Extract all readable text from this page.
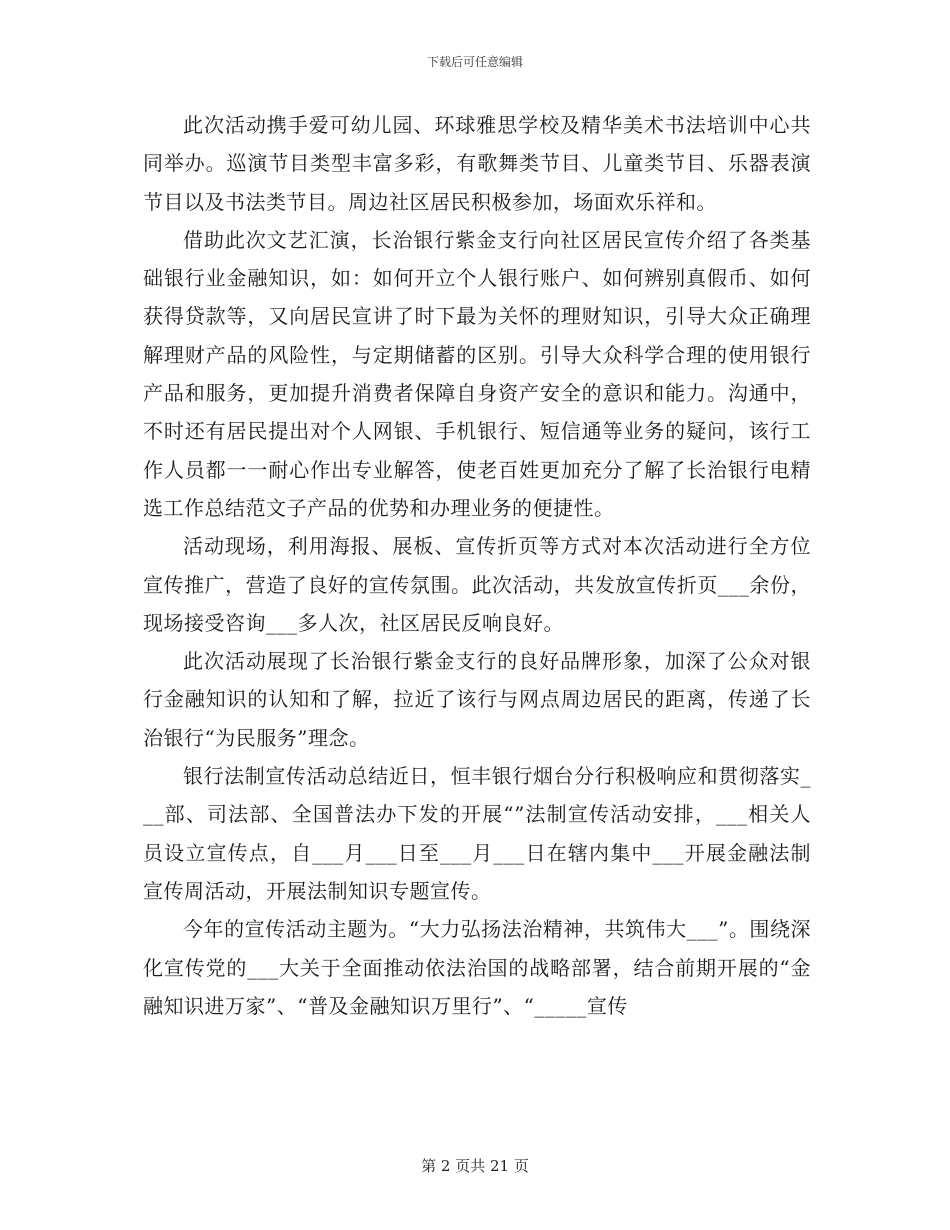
下载后可任意编辑

此次活动携手爱可幼儿园、环球雅思学校及精华美术书法培训中心共同举办。巡演节目类型丰富多彩，有歌舞类节目、儿童类节目、乐器表演节目以及书法类节目。周边社区居民积极参加，场面欢乐祥和。

借助此次文艺汇演，长治银行紫金支行向社区居民宣传介绍了各类基础银行业金融知识，如：如何开立个人银行账户、如何辨别真假币、如何获得贷款等，又向居民宣讲了时下最为关怀的理财知识，引导大众正确理解理财产品的风险性，与定期储蓄的区别。引导大众科学合理的使用银行产品和服务，更加提升消费者保障自身资产安全的意识和能力。沟通中，不时还有居民提出对个人网银、手机银行、短信通等业务的疑问，该行工作人员都一一耐心作出专业解答，使老百姓更加充分了解了长治银行电精选工作总结范文子产品的优势和办理业务的便捷性。

活动现场，利用海报、展板、宣传折页等方式对本次活动进行全方位宣传推广，营造了良好的宣传氛围。此次活动，共发放宣传折页___余份，现场接受咨询___多人次，社区居民反响良好。

此次活动展现了长治银行紫金支行的良好品牌形象，加深了公众对银行金融知识的认知和了解，拉近了该行与网点周边居民的距离，传递了长治银行“为民服务”理念。

银行法制宣传活动总结近日，恒丰银行烟台分行积极响应和贯彻落实___部、司法部、全国普法办下发的开展“”法制宣传活动安排，___相关人员设立宣传点，自___月___日至___月___日在辖内集中___开展金融法制宣传周活动，开展法制知识专题宣传。

今年的宣传活动主题为。“大力弘扬法治精神，共筑伟大___”。围绕深化宣传党的___大关于全面推动依法治国的战略部署，结合前期开展的“金融知识进万家”、“普及金融知识万里行”、“_____宣传

第 2 页共 21 页
